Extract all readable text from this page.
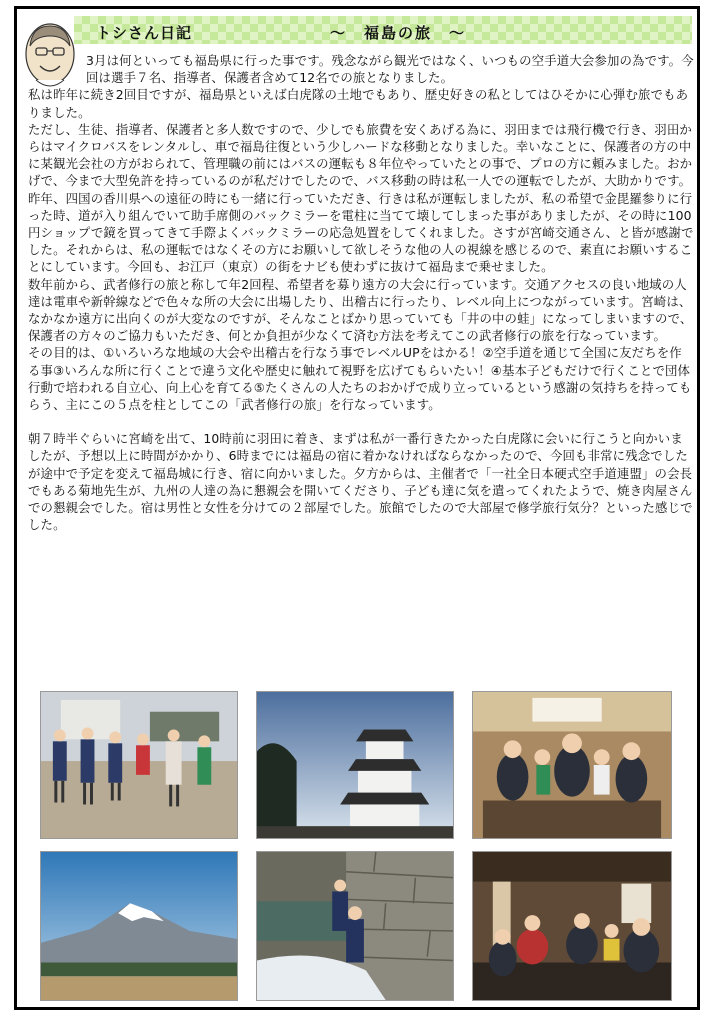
トシさん日記	～　福島の旅　～

3月は何といっても福島県に行った事です。残念ながら観光ではなく、いつもの空手道大会参加の為です。今回は選手７名、指導者、保護者含めて12名での旅となりました。

私は昨年に続き2回目ですが、福島県といえば白虎隊の土地でもあり、歴史好きの私としてはひそかに心弾む旅でもありました。

ただし、生徒、指導者、保護者と多人数ですので、少しでも旅費を安くあげる為に、羽田までは飛行機で行き、羽田からはマイクロバスをレンタルし、車で福島往復という少しハードな移動となりました。幸いなことに、保護者の方の中に某観光会社の方がおられて、管理職の前にはバスの運転も８年位やっていたとの事で、プロの方に頼みました。おかげで、今まで大型免許を持っているのが私だけでしたので、バス移動の時は私一人での運転でしたが、大助かりです。

昨年、四国の香川県への遠征の時にも一緒に行っていただき、行きは私が運転しましたが、私の希望で金毘羅参りに行った時、道が入り組んでいて助手席側のバックミラーを電柱に当てて壊してしまった事がありましたが、その時に100円ショップで鏡を買ってきて手際よくバックミラーの応急処置をしてくれました。さすが宮崎交通さん、と皆が感謝でした。それからは、私の運転ではなくその方にお願いして欲しそうな他の人の視線を感じるので、素直にお願いすることにしています。今回も、お江戸（東京）の街をナビも使わずに抜けて福島まで乗せました。

数年前から、武者修行の旅と称して年2回程、希望者を募り遠方の大会に行っています。交通アクセスの良い地域の人達は電車や新幹線などで色々な所の大会に出場したり、出稽古に行ったり、レベル向上につながっています。宮崎は、なかなか遠方に出向くのが大変なのですが、そんなことばかり思っていても「井の中の蛙」になってしまいますので、保護者の方々のご協力もいただき、何とか負担が少なくて済む方法を考えてこの武者修行の旅を行なっています。

その目的は、①いろいろな地域の大会や出稽古を行なう事でレベルUPをはかる！②空手道を通じて全国に友だちを作る事③いろんな所に行くことで違う文化や歴史に触れて視野を広げてもらいたい！④基本子どもだけで行くことで団体行動で培われる自立心、向上心を育てる⑤たくさんの人たちのおかげで成り立っているという感謝の気持ちを持ってもらう、主にこの５点を柱としてこの「武者修行の旅」を行なっています。

朝７時半ぐらいに宮崎を出て、10時前に羽田に着き、まずは私が一番行きたかった白虎隊に会いに行こうと向かいましたが、予想以上に時間がかかり、6時までには福島の宿に着かなければならなかったので、今回も非常に残念でしたが途中で予定を変えて福島城に行き、宿に向かいました。夕方からは、主催者で「一社全日本硬式空手道連盟」の会長でもある菊地先生が、九州の人達の為に懇親会を開いてくださり、子ども達に気を遣ってくれたようで、焼き肉屋さんでの懇親会でした。宿は男性と女性を分けての２部屋でした。旅館でしたので大部屋で修学旅行気分？といった感じでした。
